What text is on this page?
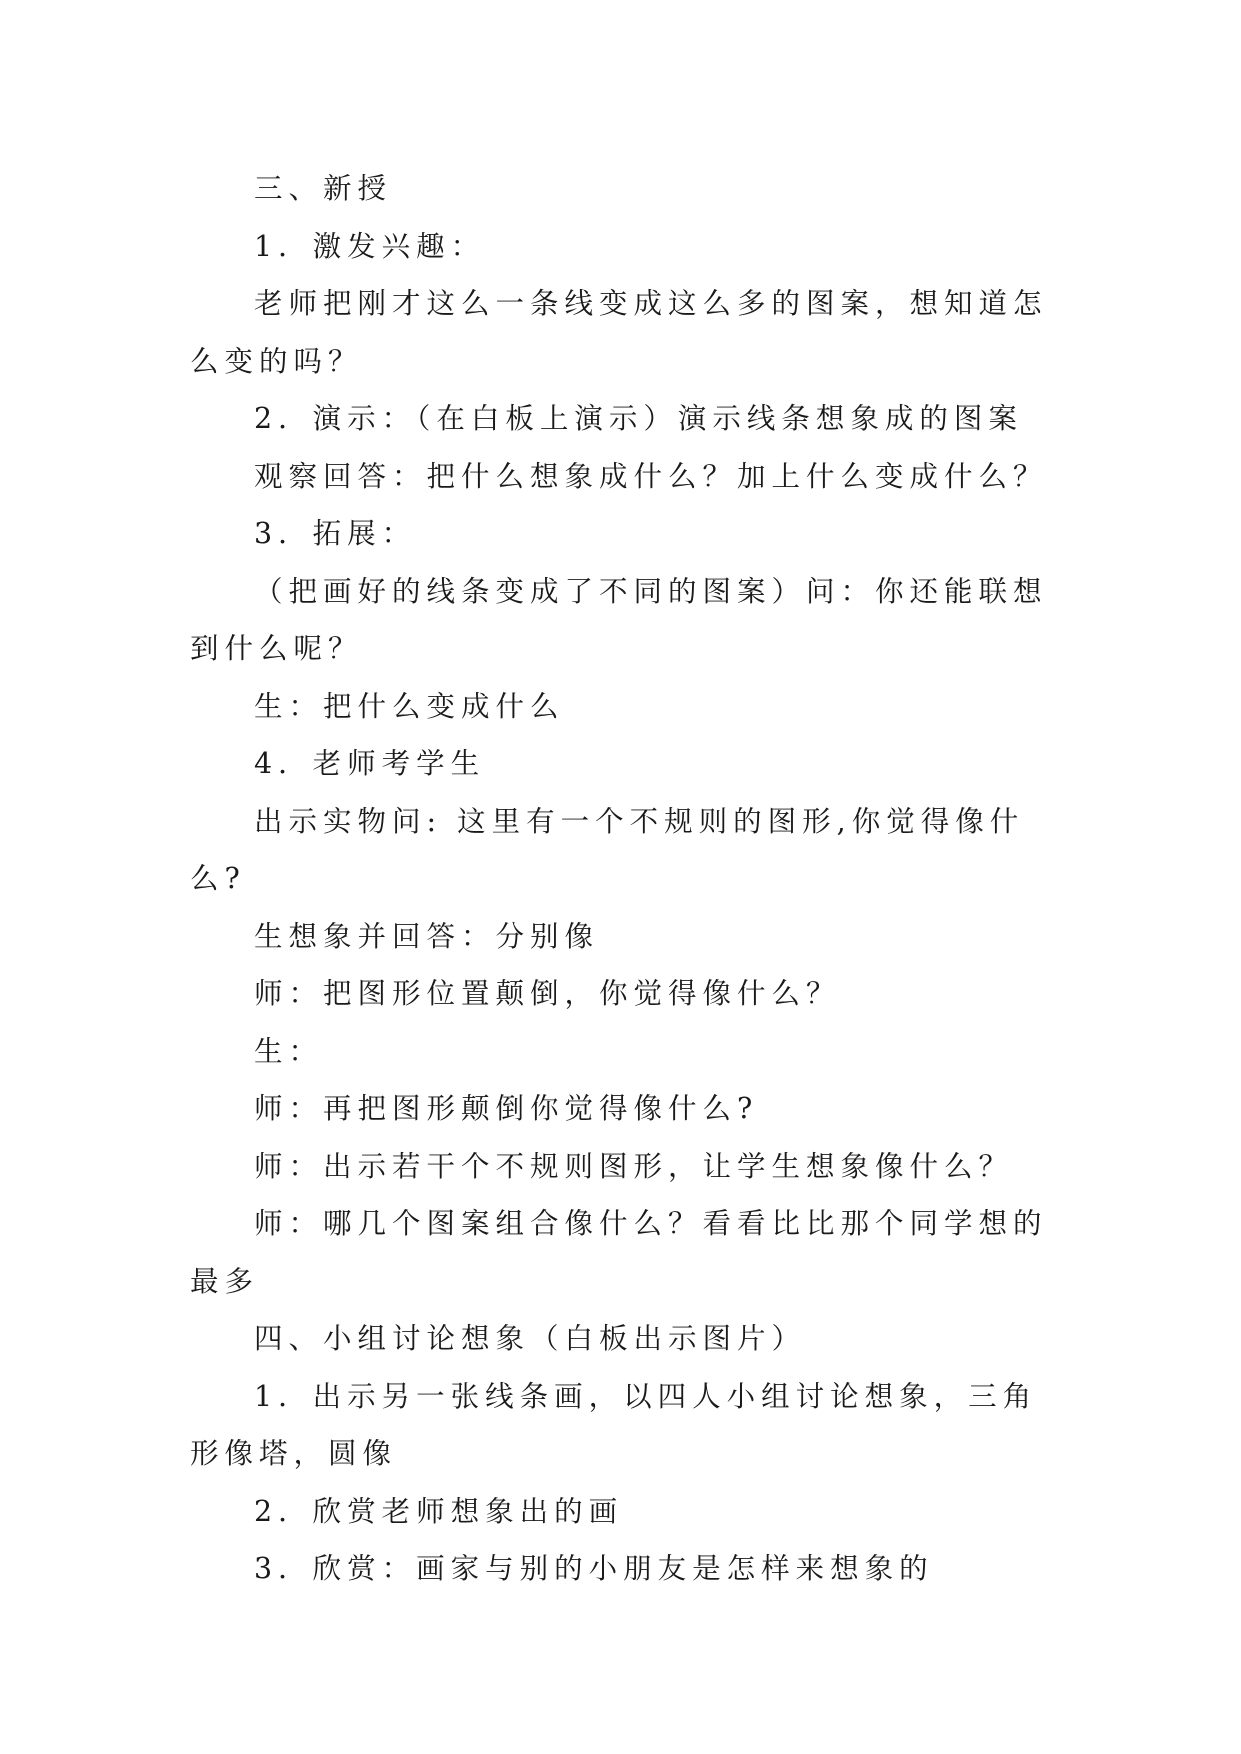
三、新授

1．激发兴趣：

老师把刚才这么一条线变成这么多的图案，想知道怎么变的吗？

2．演示：（在白板上演示）演示线条想象成的图案

观察回答：把什么想象成什么？加上什么变成什么？

3．拓展：

（把画好的线条变成了不同的图案）问：你还能联想到什么呢？

生：把什么变成什么

4．老师考学生

出示实物问: 这里有一个不规则的图形,你觉得像什么?

生想象并回答：分别像

师：把图形位置颠倒，你觉得像什么？

生：

师：再把图形颠倒你觉得像什么?

师：出示若干个不规则图形，让学生想象像什么？

师：哪几个图案组合像什么？看看比比那个同学想的最多

四、小组讨论想象（白板出示图片）

1．出示另一张线条画，以四人小组讨论想象，三角形像塔，圆像

2．欣赏老师想象出的画

3．欣赏：画家与别的小朋友是怎样来想象的
